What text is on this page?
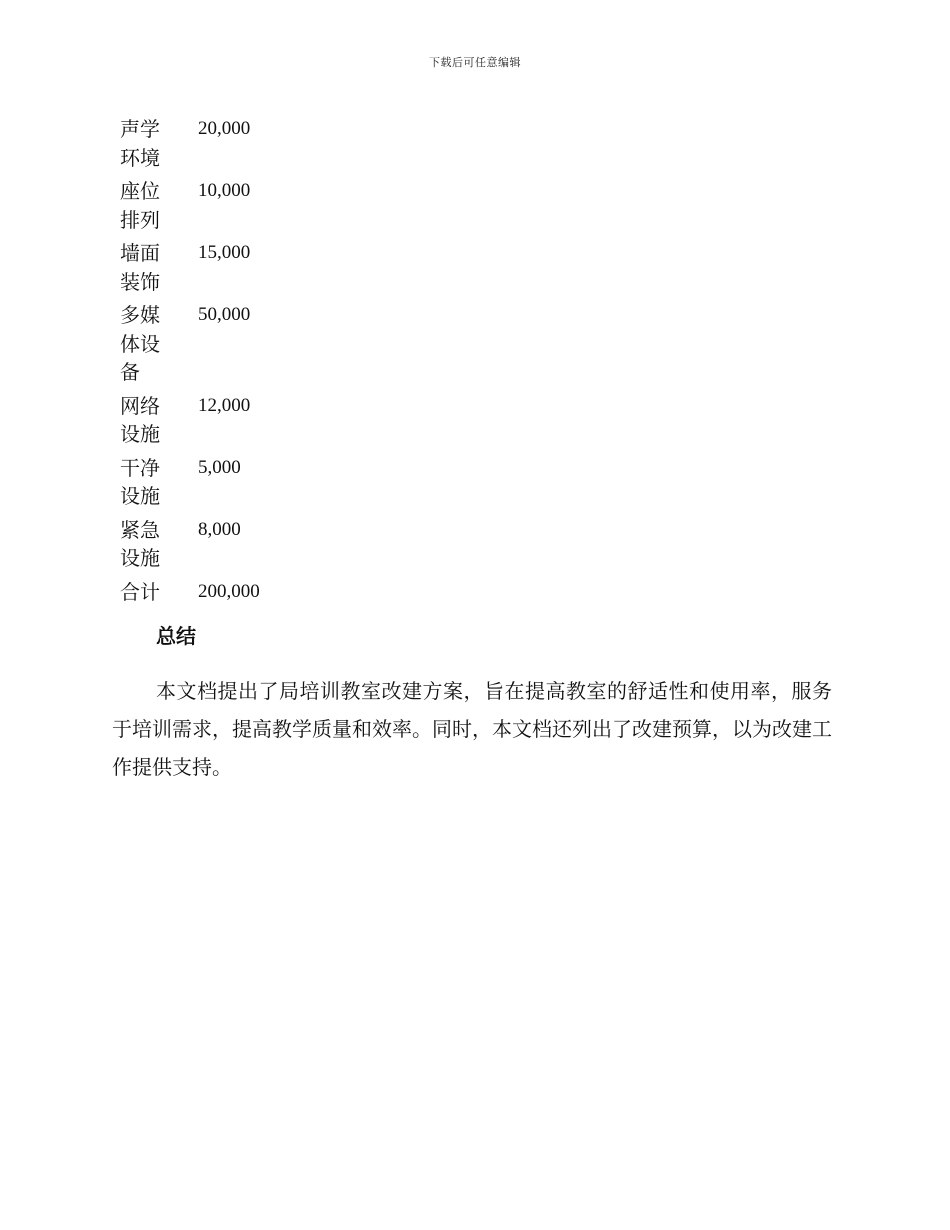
下载后可任意编辑
声学环境	20,000
座位排列	10,000
墙面装饰	15,000
多媒体设备	50,000
网络设施	12,000
干净设施	5,000
紧急设施	8,000
合计	200,000
总结

本文档提出了局培训教室改建方案，旨在提高教室的舒适性和使用率，服务于培训需求，提高教学质量和效率。同时，本文档还列出了改建预算，以为改建工作提供支持。
